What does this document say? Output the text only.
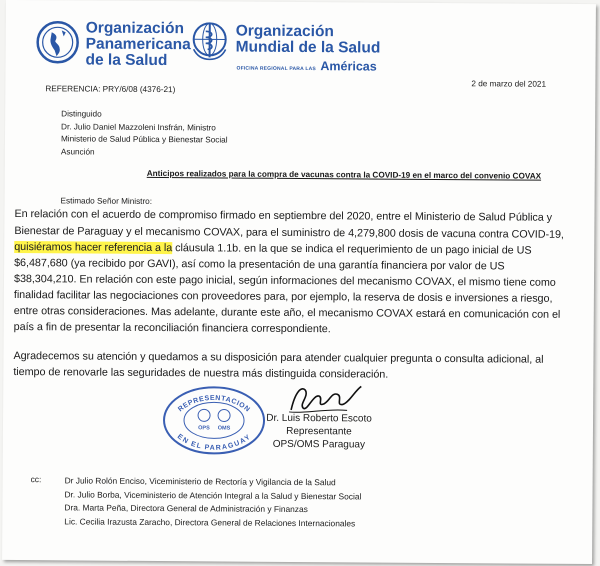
Organización
Panamericana
de la Salud
Organización
Mundial de la Salud
OFICINA REGIONAL PARA LAS Américas
REFERENCIA: PRY/6/08 (4376-21)
2 de marzo del 2021
Distinguido
Dr. Julio Daniel Mazzoleni Insfrán, Ministro
Ministerio de Salud Pública y Bienestar Social
Asunción
Anticipos realizados para la compra de vacunas contra la COVID-19 en el marco del convenio COVAX
Estimado Señor Ministro:
En relación con el acuerdo de compromiso firmado en septiembre del 2020, entre el Ministerio de Salud Pública y
Bienestar de Paraguay y el mecanismo COVAX, para el suministro de 4,279,800 dosis de vacuna contra COVID-19,
quisiéramos hacer referencia a la cláusula 1.1b. en la que se indica el requerimiento de un pago inicial de US
$6,487,680 (ya recibido por GAVI), así como la presentación de una garantía financiera por valor de US
$38,304,210. En relación con este pago inicial, según informaciones del mecanismo COVAX, el mismo tiene como
finalidad facilitar las negociaciones con proveedores para, por ejemplo, la reserva de dosis e inversiones a riesgo,
entre otras consideraciones. Mas adelante, durante este año, el mecanismo COVAX estará en comunicación con el
país a fin de presentar la reconciliación financiera correspondiente.
Agradecemos su atención y quedamos a su disposición para atender cualquier pregunta o consulta adicional, al
tiempo de renovarle las seguridades de nuestra más distinguida consideración.
REPRESENTACION
EN EL PARAGUAY
OPS OMS
Dr. Luis Roberto Escoto
Representante
OPS/OMS Paraguay
cc:	Dr Julio Rolón Enciso, Viceministerio de Rectoría y Vigilancia de la Salud
Dr. Julio Borba, Viceministerio de Atención Integral a la Salud y Bienestar Social
Dra. Marta Peña, Directora General de Administración y Finanzas
Lic. Cecilia Irazusta Zaracho, Directora General de Relaciones Internacionales
